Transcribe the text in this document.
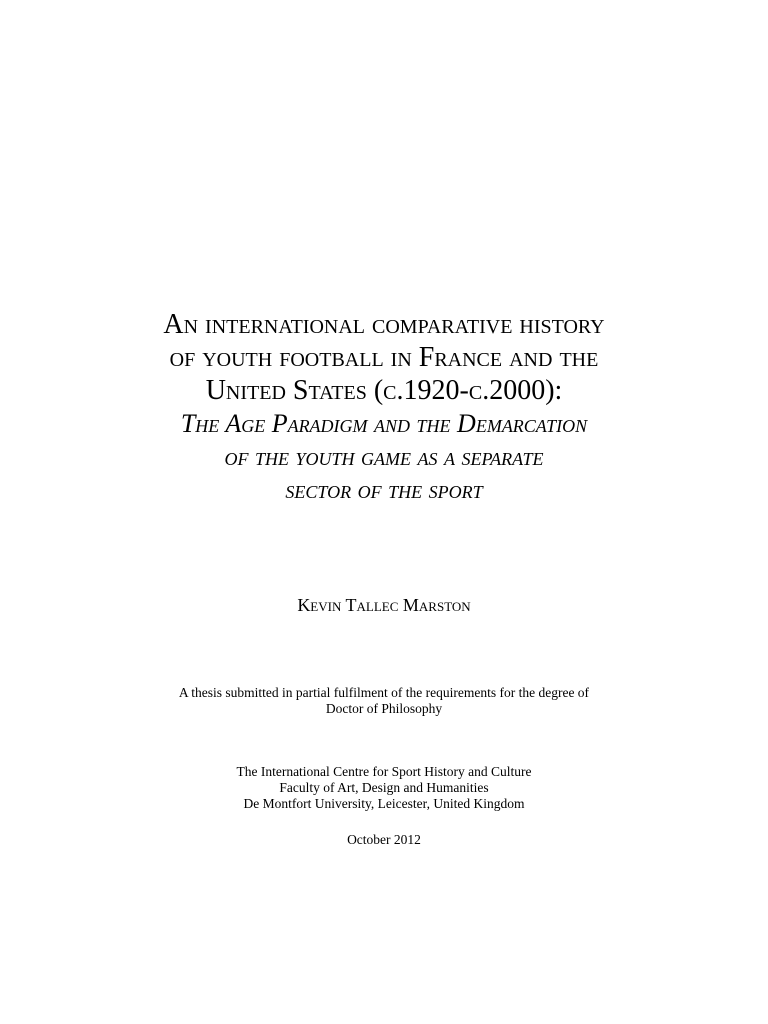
An international comparative history
of youth football in France and the
United States (c.1920-c.2000):
The Age Paradigm and the Demarcation
of the youth game as a separate
sector of the sport
Kevin Tallec Marston
A thesis submitted in partial fulfilment of the requirements for the degree of
Doctor of Philosophy
The International Centre for Sport History and Culture
Faculty of Art, Design and Humanities
De Montfort University, Leicester, United Kingdom
October 2012
